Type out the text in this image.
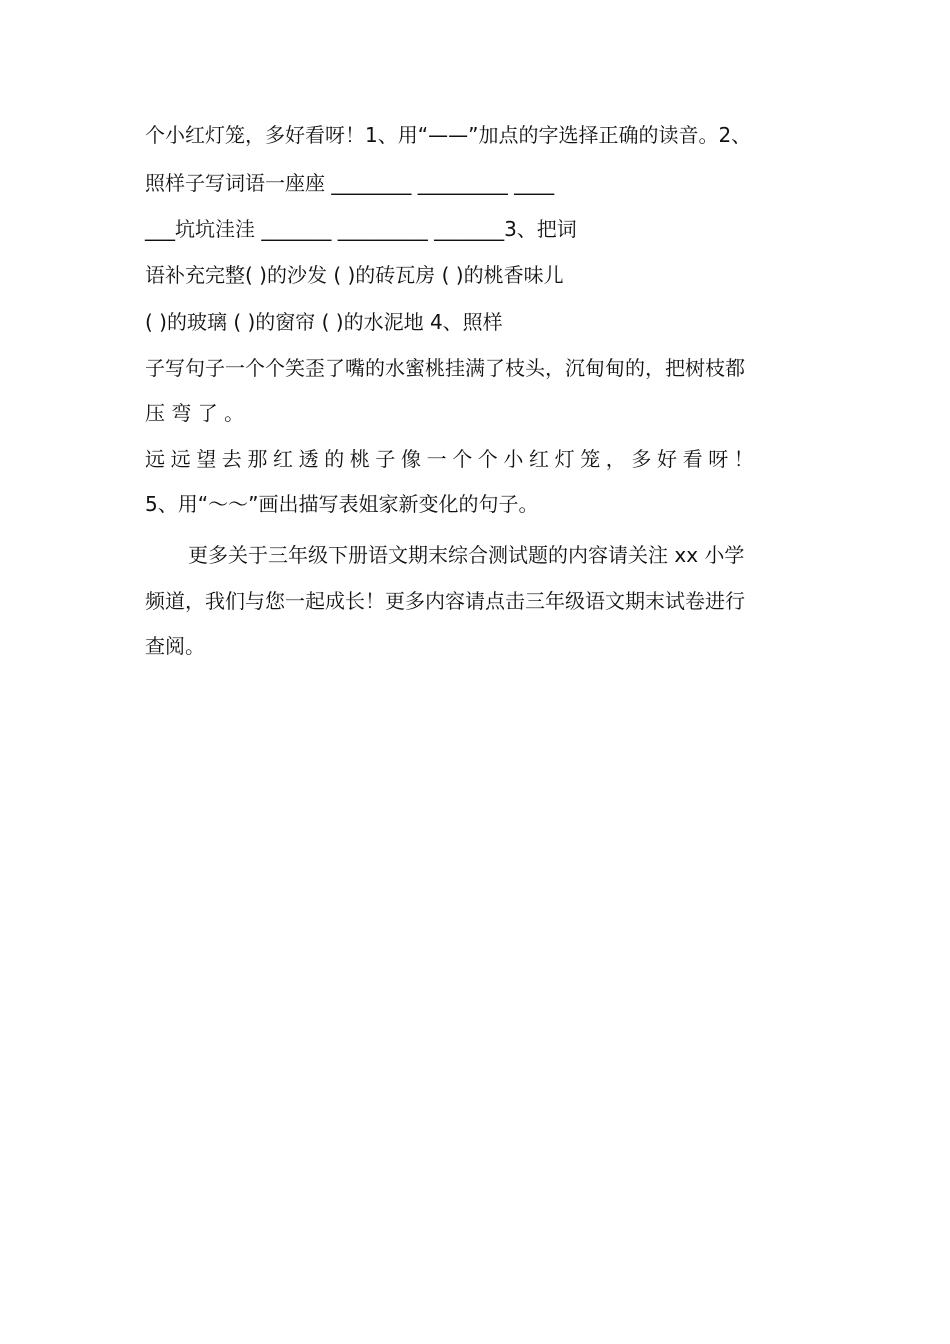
个小红灯笼，多好看呀！1、用“——”加点的字选择正确的读音。2、
照样子写词语一座座 ________ _________ ____
___坑坑洼洼 _______ _________ _______3、把词
语补充完整( )的沙发 ( )的砖瓦房 ( )的桃香味儿
( )的玻璃 ( )的窗帘 ( )的水泥地 4、照样
子写句子一个个笑歪了嘴的水蜜桃挂满了枝头，沉甸甸的，把树枝都
压 弯 了 。
远远望去那红透的桃子像一个个小红灯笼，多好看呀！
5、用“～～”画出描写表姐家新变化的句子。
更多关于三年级下册语文期末综合测试题的内容请关注 xx 小学
频道，我们与您一起成长！更多内容请点击三年级语文期末试卷进行
查阅。
